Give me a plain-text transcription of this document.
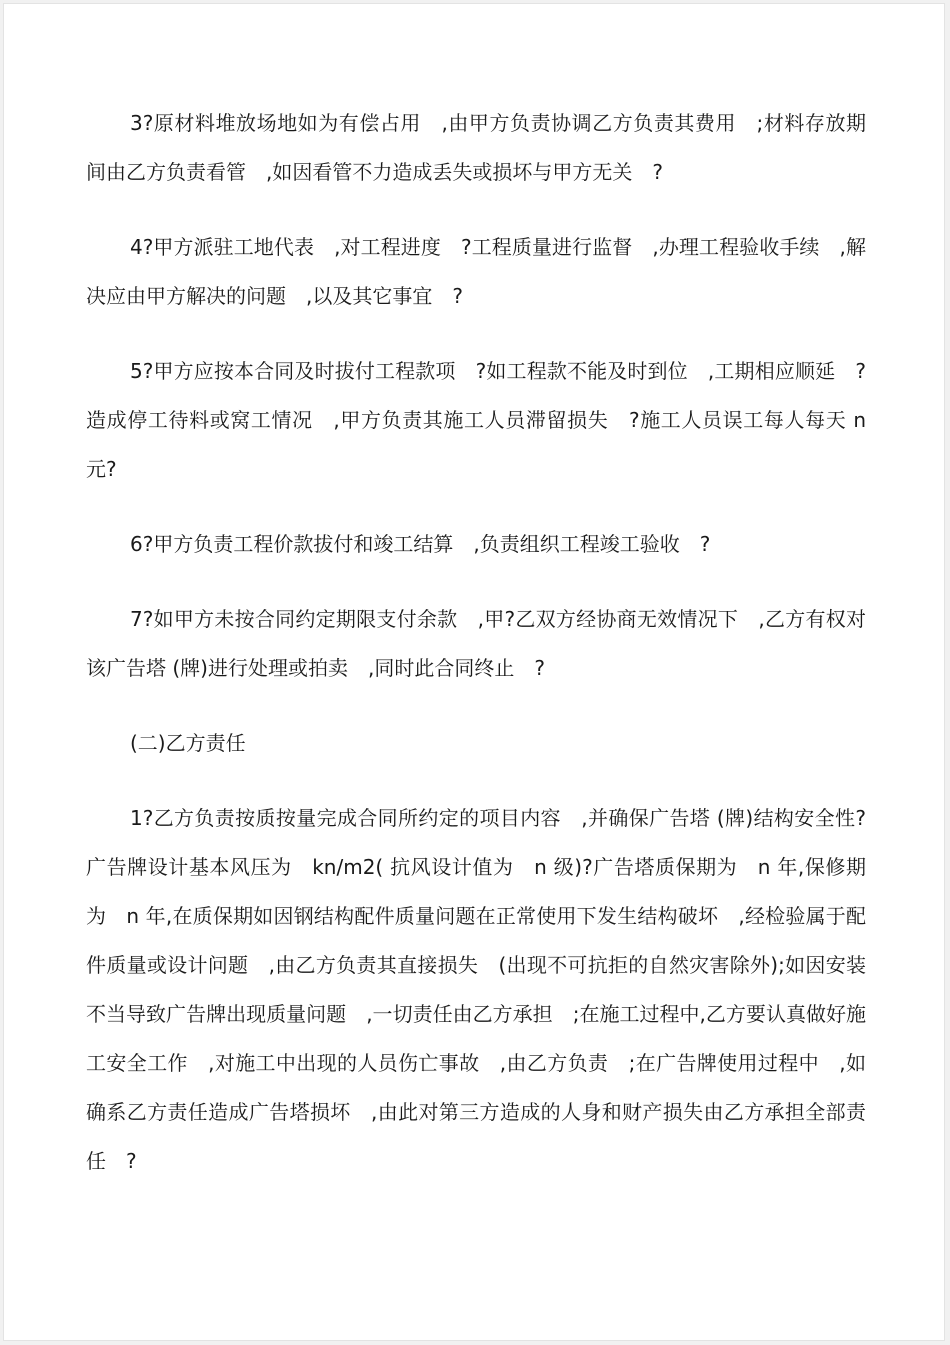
3?原材料堆放场地如为有偿占用　,由甲方负责协调乙方负责其费用　;材料存放期间由乙方负责看管　,如因看管不力造成丢失或损坏与甲方无关　?

4?甲方派驻工地代表　,对工程进度　?工程质量进行监督　,办理工程验收手续　,解决应由甲方解决的问题　,以及其它事宜　?

5?甲方应按本合同及时拔付工程款项　?如工程款不能及时到位　,工期相应顺延　?造成停工待料或窝工情况　,甲方负责其施工人员滞留损失　?施工人员误工每人每天 n 元?

6?甲方负责工程价款拔付和竣工结算　,负责组织工程竣工验收　?

7?如甲方未按合同约定期限支付余款　,甲?乙双方经协商无效情况下　,乙方有权对该广告塔 (牌)进行处理或拍卖　,同时此合同终止　?

(二)乙方责任

1?乙方负责按质按量完成合同所约定的项目内容　,并确保广告塔 (牌)结构安全性?广告牌设计基本风压为　kn/m2( 抗风设计值为　n 级)?广告塔质保期为　n 年,保修期为　n 年,在质保期如因钢结构配件质量问题在正常使用下发生结构破坏　,经检验属于配件质量或设计问题　,由乙方负责其直接损失　(出现不可抗拒的自然灾害除外);如因安装不当导致广告牌出现质量问题　,一切责任由乙方承担　;在施工过程中,乙方要认真做好施工安全工作　,对施工中出现的人员伤亡事故　,由乙方负责　;在广告牌使用过程中　,如确系乙方责任造成广告塔损坏　,由此对第三方造成的人身和财产损失由乙方承担全部责任　?
